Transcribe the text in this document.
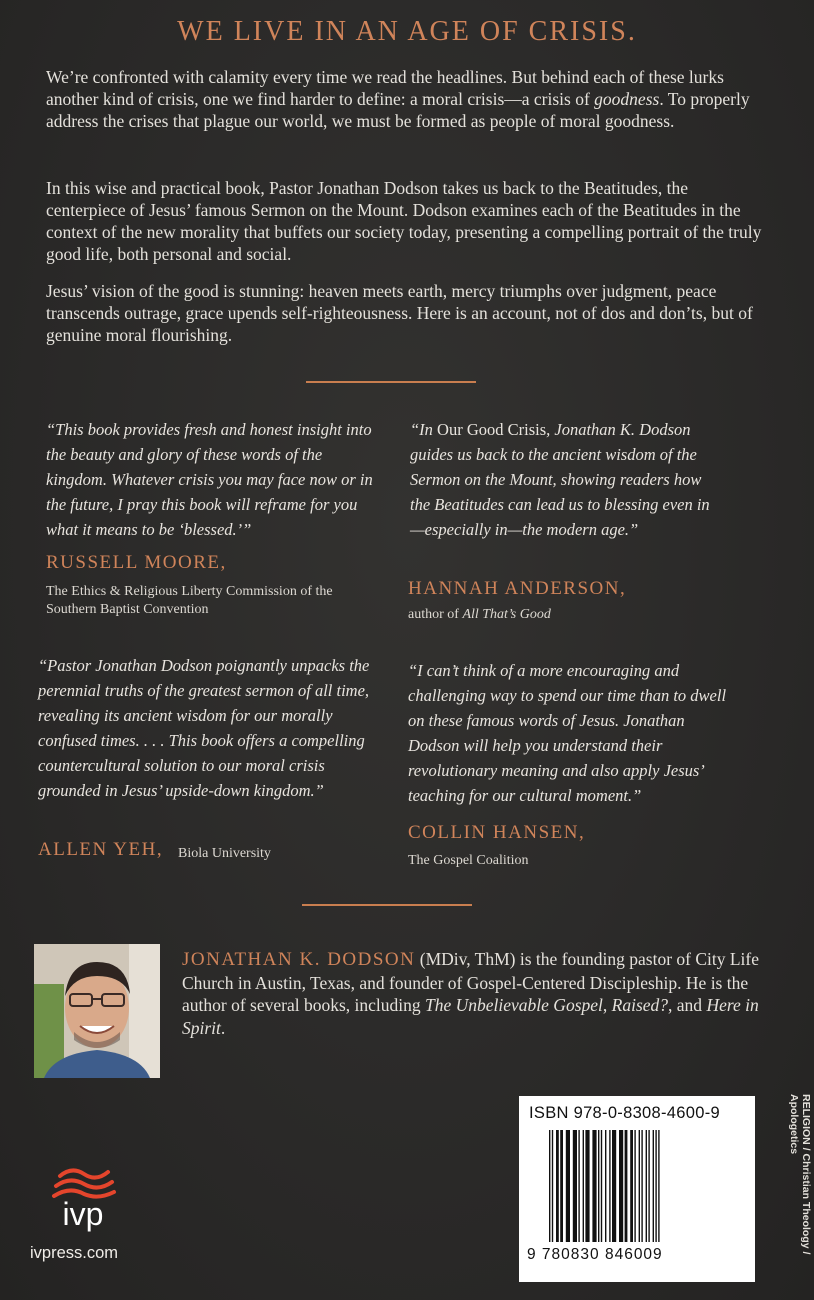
WE LIVE IN AN AGE OF CRISIS.

We’re confronted with calamity every time we read the headlines. But behind each of these lurks another kind of crisis, one we find harder to define: a moral crisis—a crisis of goodness. To properly address the crises that plague our world, we must be formed as people of moral goodness.

In this wise and practical book, Pastor Jonathan Dodson takes us back to the Beatitudes, the centerpiece of Jesus’ famous Sermon on the Mount. Dodson examines each of the Beatitudes in the context of the new morality that buffets our society today, presenting a compelling portrait of the truly good life, both personal and social.

Jesus’ vision of the good is stunning: heaven meets earth, mercy triumphs over judgment, peace transcends outrage, grace upends self-righteousness. Here is an account, not of dos and don’ts, but of genuine moral flourishing.

“This book provides fresh and honest insight into the beauty and glory of these words of the kingdom. Whatever crisis you may face now or in the future, I pray this book will reframe for you what it means to be ‘blessed.’”

RUSSELL MOORE,
The Ethics & Religious Liberty Commission of the Southern Baptist Convention

“In Our Good Crisis, Jonathan K. Dodson guides us back to the ancient wisdom of the Sermon on the Mount, showing readers how the Beatitudes can lead us to blessing even in—especially in—the modern age.”

HANNAH ANDERSON,
author of All That’s Good

“Pastor Jonathan Dodson poignantly unpacks the perennial truths of the greatest sermon of all time, revealing its ancient wisdom for our morally confused times. . . . This book offers a compelling countercultural solution to our moral crisis grounded in Jesus’ upside-down kingdom.”

ALLEN YEH, Biola University

“I can’t think of a more encouraging and challenging way to spend our time than to dwell on these famous words of Jesus. Jonathan Dodson will help you understand their revolutionary meaning and also apply Jesus’ teaching for our cultural moment.”

COLLIN HANSEN,
The Gospel Coalition

JONATHAN K. DODSON (MDiv, ThM) is the founding pastor of City Life Church in Austin, Texas, and founder of Gospel-Centered Discipleship. He is the author of several books, including The Unbelievable Gospel, Raised?, and Here in Spirit.

ISBN 978-0-8308-4600-9
9 780830 846009
RELIGION / Christian Theology / Apologetics
ivp
ivpress.com
